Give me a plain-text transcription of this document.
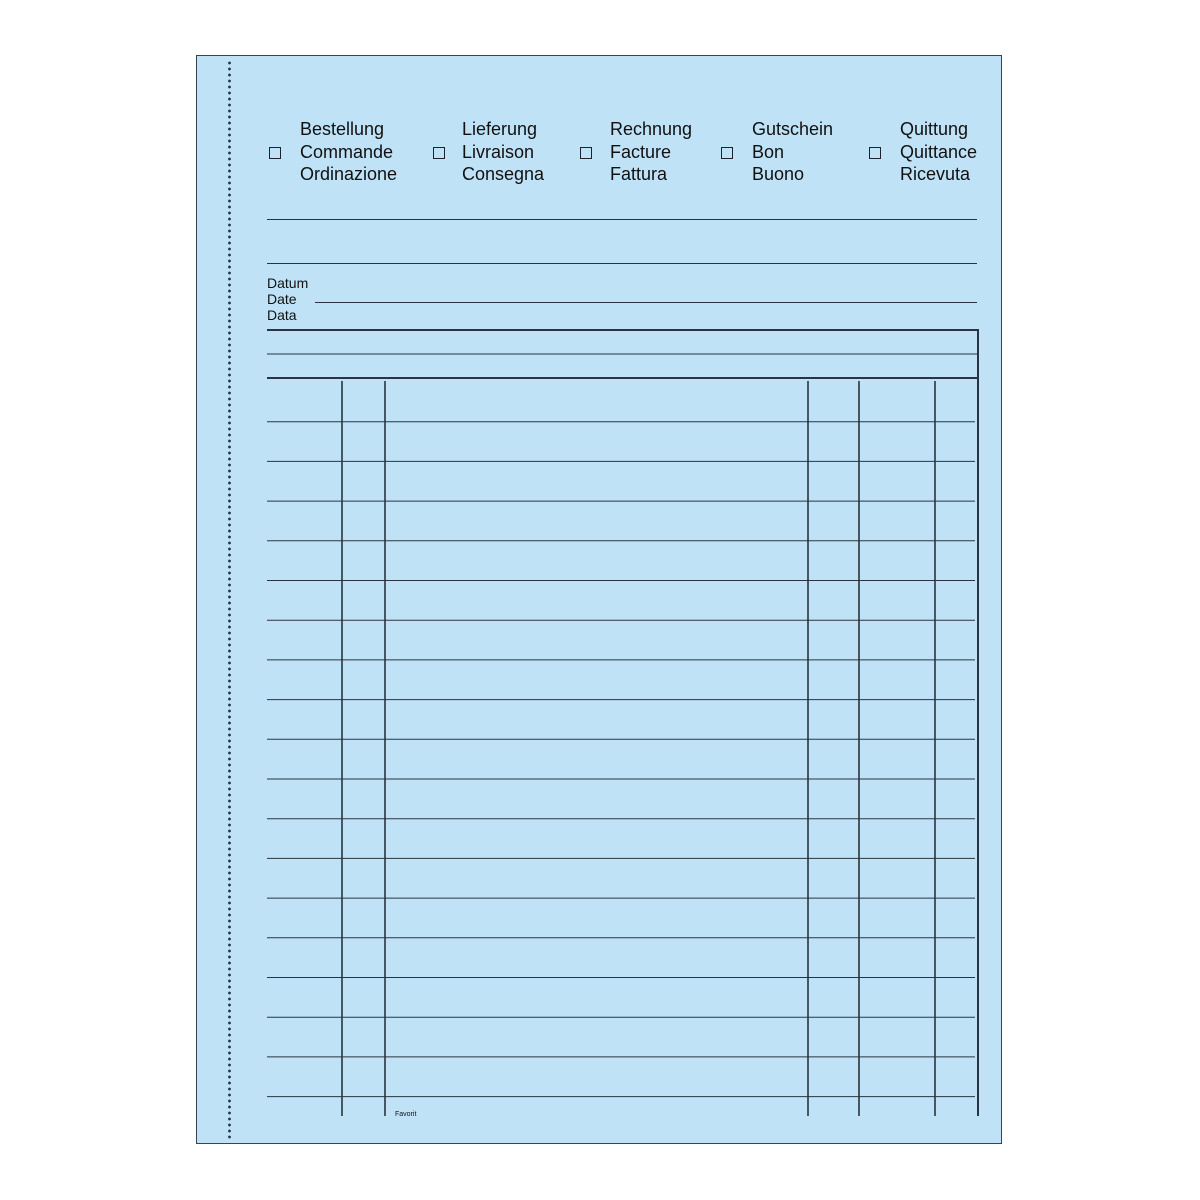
Bestellung
Commande
Ordinazione
Lieferung
Livraison
Consegna
Rechnung
Facture
Fattura
Gutschein
Bon
Buono
Quittung
Quittance
Ricevuta
Datum
Date
Data
Favorit
